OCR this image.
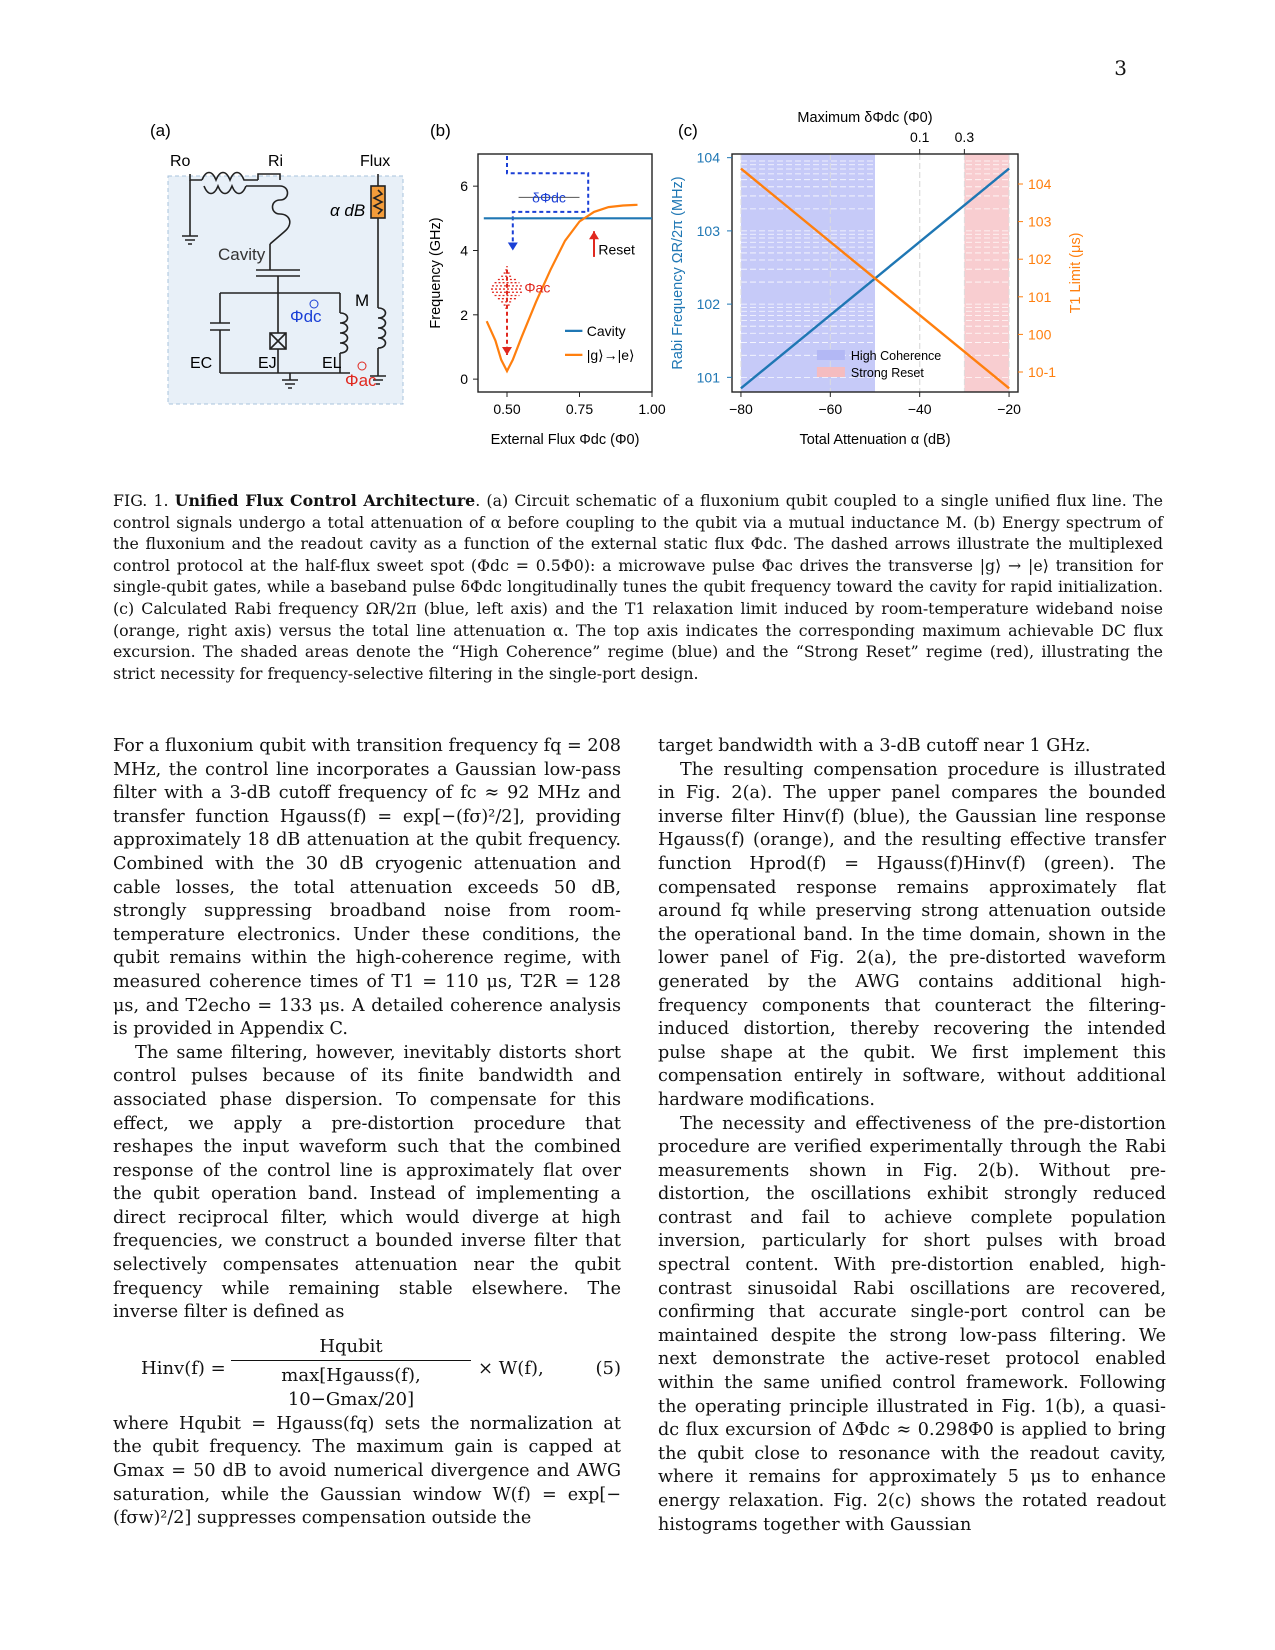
3
(a)
Ro	Ri	Flux
α dB
Cavity
Φdc
M
EC	EJ	EL
Φac
(b)
0.50	0.75	1.00
0
2
4
6
External Flux Φdc (Φ0)
Frequency (GHz)
δΦdc
Φac
Reset
Cavity
|g⟩→|e⟩
(c)
−80	−60	−40	−20
Total Attenuation α (dB)
Maximum δΦdc (Φ0)
0.1 0.3
101
102
103
104
Rabi Frequency ΩR/2π (MHz)
10-1
100
101
102
103
104
T1 Limit (μs)
High Coherence
Strong Reset
FIG. 1. Unified Flux Control Architecture. (a) Circuit schematic of a fluxonium qubit coupled to a single unified flux line. The control signals undergo a total attenuation of α before coupling to the qubit via a mutual inductance M. (b) Energy spectrum of the fluxonium and the readout cavity as a function of the external static flux Φdc. The dashed arrows illustrate the multiplexed control protocol at the half-flux sweet spot (Φdc = 0.5Φ0): a microwave pulse Φac drives the transverse |g⟩ → |e⟩ transition for single-qubit gates, while a baseband pulse δΦdc longitudinally tunes the qubit frequency toward the cavity for rapid initialization. (c) Calculated Rabi frequency ΩR/2π (blue, left axis) and the T1 relaxation limit induced by room-temperature wideband noise (orange, right axis) versus the total line attenuation α. The top axis indicates the corresponding maximum achievable DC flux excursion. The shaded areas denote the “High Coherence” regime (blue) and the “Strong Reset” regime (red), illustrating the strict necessity for frequency-selective filtering in the single-port design.

For a fluxonium qubit with transition frequency fq = 208 MHz, the control line incorporates a Gaussian low-pass filter with a 3-dB cutoff frequency of fc ≈ 92 MHz and transfer function Hgauss(f) = exp[−(fσ)²/2], providing approximately 18 dB attenuation at the qubit frequency. Combined with the 30 dB cryogenic attenuation and cable losses, the total attenuation exceeds 50 dB, strongly suppressing broadband noise from room-temperature electronics. Under these conditions, the qubit remains within the high-coherence regime, with measured coherence times of T1 = 110 μs, T2R = 128 μs, and T2echo = 133 μs. A detailed coherence analysis is provided in Appendix C.

The same filtering, however, inevitably distorts short control pulses because of its finite bandwidth and associated phase dispersion. To compensate for this effect, we apply a pre-distortion procedure that reshapes the input waveform such that the combined response of the control line is approximately flat over the qubit operation band. Instead of implementing a direct reciprocal filter, which would diverge at high frequencies, we construct a bounded inverse filter that selectively compensates attenuation near the qubit frequency while remaining stable elsewhere. The inverse filter is defined as

Hinv(f) =
Hqubit
max[Hgauss(f), 10−Gmax/20]
× W(f),	(5)

where Hqubit = Hgauss(fq) sets the normalization at the qubit frequency. The maximum gain is capped at Gmax = 50 dB to avoid numerical divergence and AWG saturation, while the Gaussian window W(f) = exp[−(fσw)²/2] suppresses compensation outside the

target bandwidth with a 3-dB cutoff near 1 GHz.

The resulting compensation procedure is illustrated in Fig. 2(a). The upper panel compares the bounded inverse filter Hinv(f) (blue), the Gaussian line response Hgauss(f) (orange), and the resulting effective transfer function Hprod(f) = Hgauss(f)Hinv(f) (green). The compensated response remains approximately flat around fq while preserving strong attenuation outside the operational band. In the time domain, shown in the lower panel of Fig. 2(a), the pre-distorted waveform generated by the AWG contains additional high-frequency components that counteract the filtering-induced distortion, thereby recovering the intended pulse shape at the qubit. We first implement this compensation entirely in software, without additional hardware modifications.

The necessity and effectiveness of the pre-distortion procedure are verified experimentally through the Rabi measurements shown in Fig. 2(b). Without pre-distortion, the oscillations exhibit strongly reduced contrast and fail to achieve complete population inversion, particularly for short pulses with broad spectral content. With pre-distortion enabled, high-contrast sinusoidal Rabi oscillations are recovered, confirming that accurate single-port control can be maintained despite the strong low-pass filtering. We next demonstrate the active-reset protocol enabled within the same unified control framework. Following the operating principle illustrated in Fig. 1(b), a quasi-dc flux excursion of ΔΦdc ≈ 0.298Φ0 is applied to bring the qubit close to resonance with the readout cavity, where it remains for approximately 5 μs to enhance energy relaxation. Fig. 2(c) shows the rotated readout histograms together with Gaussian
